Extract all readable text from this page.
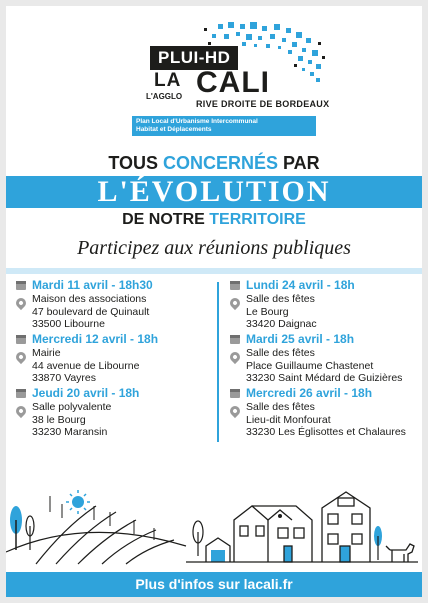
PLUI-HD
LA CALI
L'AGGLO
RIVE DROITE DE BORDEAUX
Plan Local d'Urbanisme Intercommunal
Habitat et Déplacements
TOUS CONCERNÉS PAR
L'ÉVOLUTION
DE NOTRE TERRITOIRE
Participez aux réunions publiques
Mardi 11 avril - 18h30
Maison des associations
47 boulevard de Quinault
33500 Libourne
Mercredi 12 avril - 18h
Mairie
44 avenue de Libourne
33870 Vayres
Jeudi 20 avril - 18h
Salle polyvalente
38 le Bourg
33230 Maransin
Lundi 24 avril - 18h
Salle des fêtes
Le Bourg
33420 Daignac
Mardi 25 avril - 18h
Salle des fêtes
Place Guillaume Chastenet
33230 Saint Médard de Guizières
Mercredi 26 avril - 18h
Salle des fêtes
Lieu-dit Monfourat
33230 Les Églisottes et Chalaures
Plus d'infos sur lacali.fr
